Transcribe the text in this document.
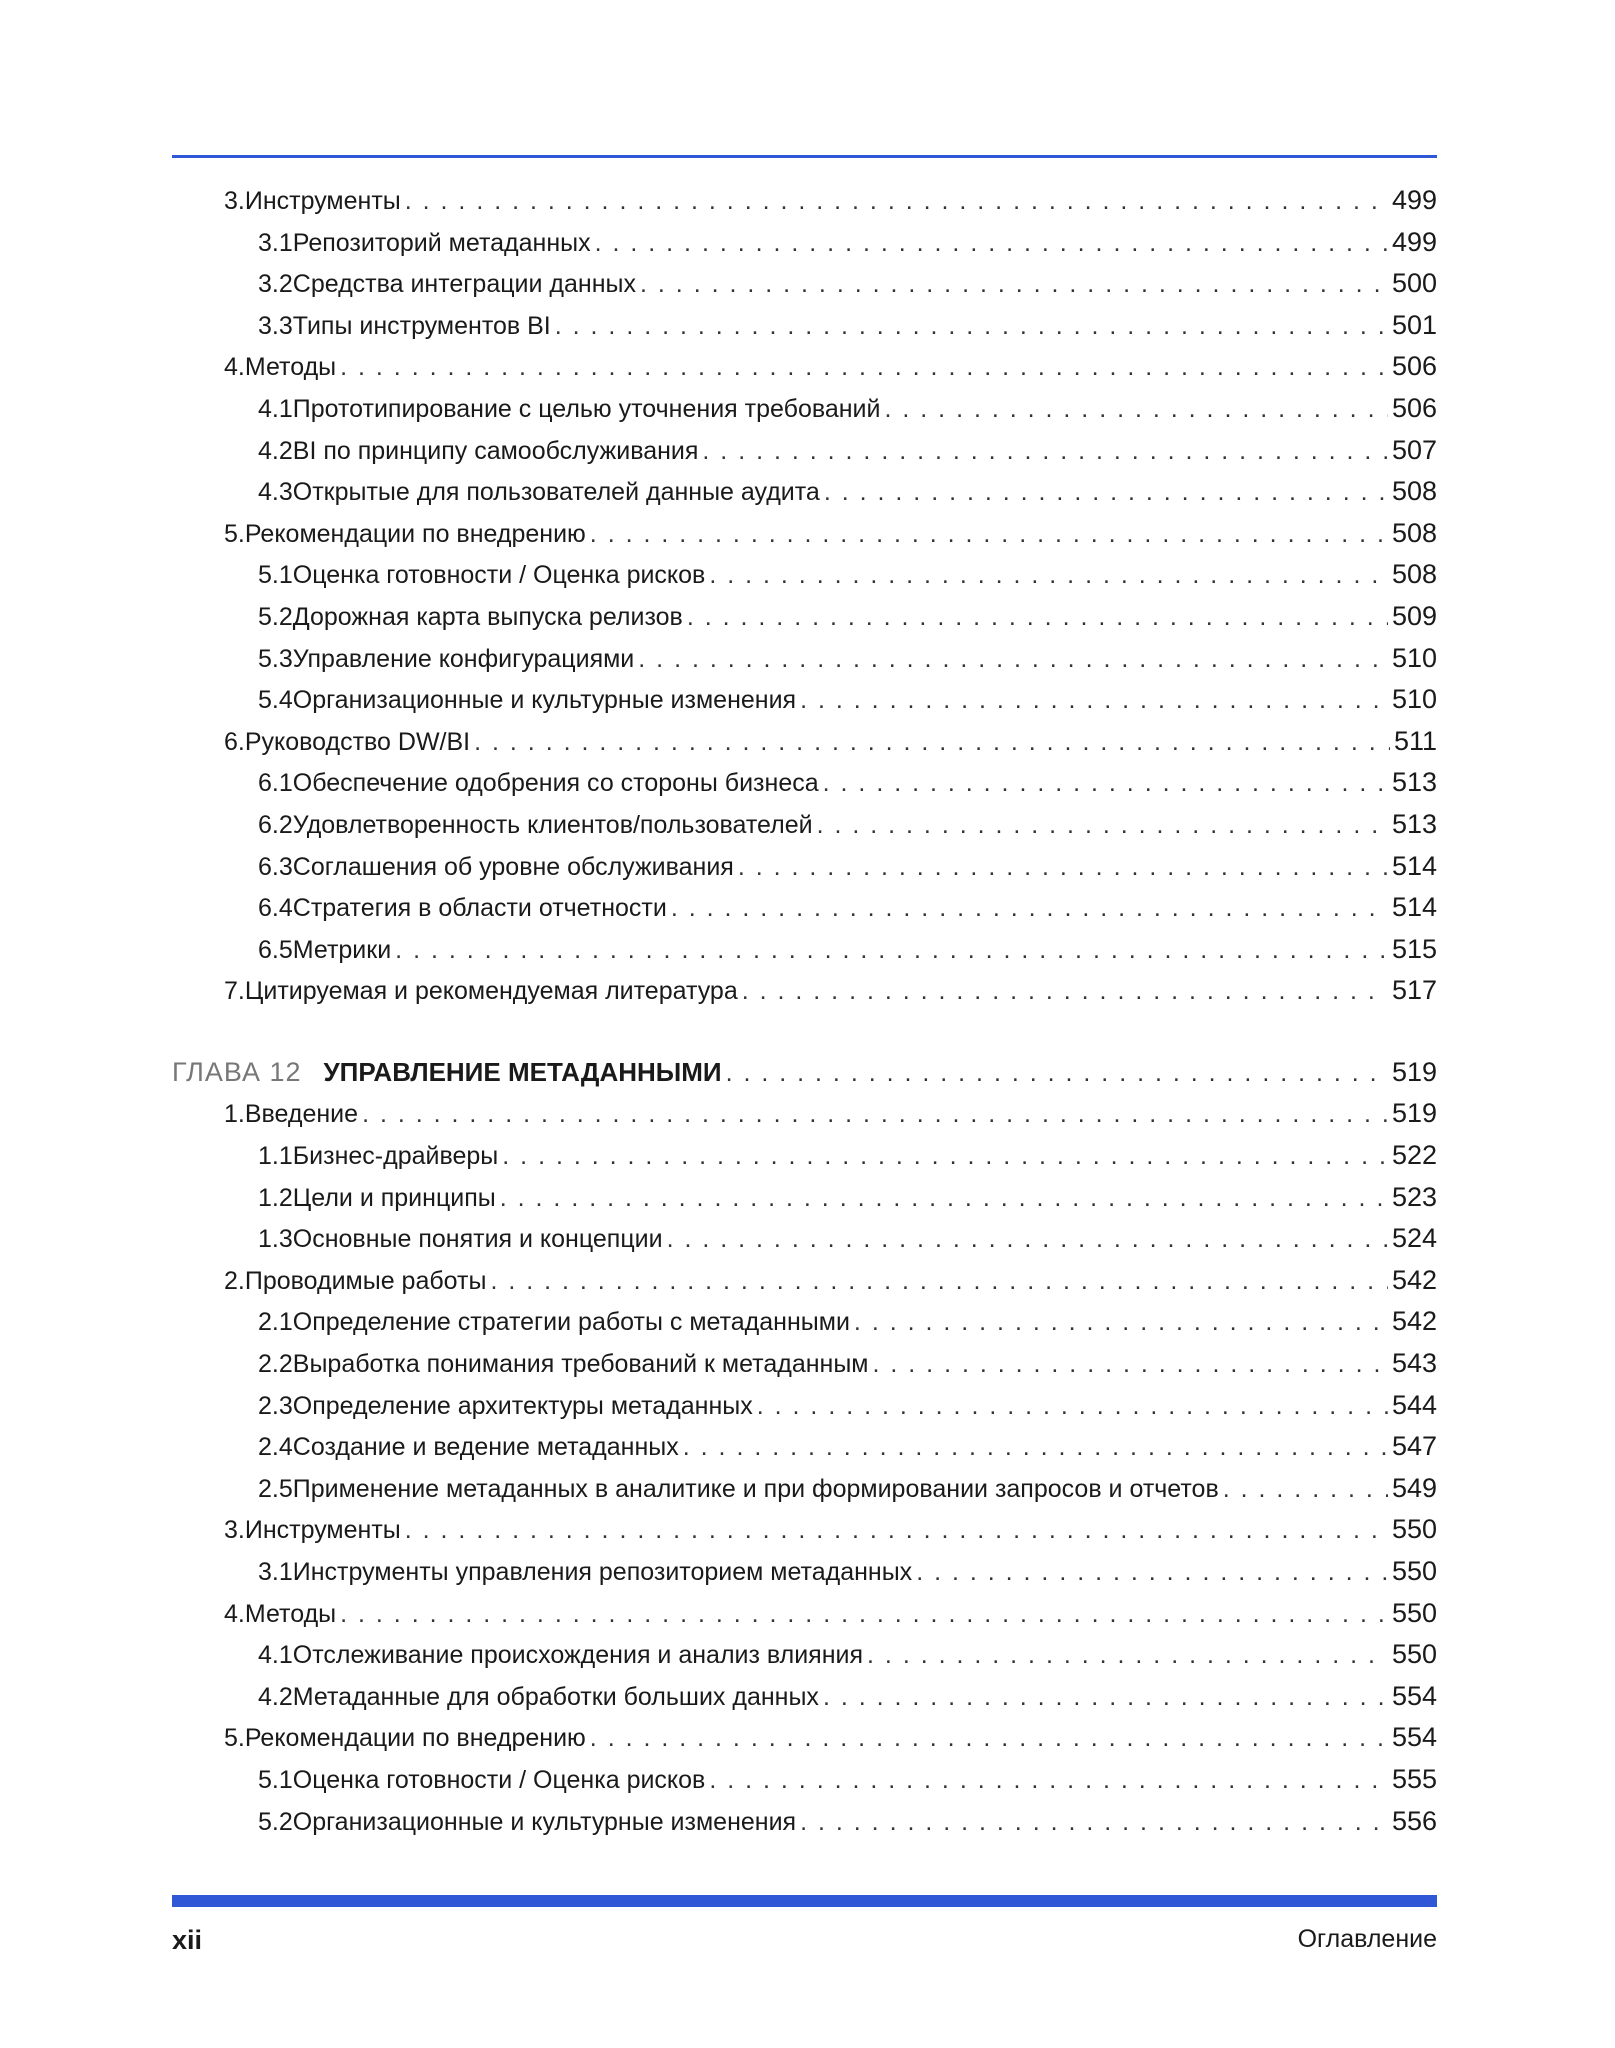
3. Инструменты . . .	499
3.1 Репозиторий метаданных . . .	499
3.2 Средства интеграции данных . . .	500
3.3 Типы инструментов BI . . .	501
4. Методы . . .	506
4.1 Прототипирование с целью уточнения требований . . .	506
4.2 BI по принципу самообслуживания . . .	507
4.3 Открытые для пользователей данные аудита . . .	508
5. Рекомендации по внедрению . . .	508
5.1 Оценка готовности / Оценка рисков . . .	508
5.2 Дорожная карта выпуска релизов . . .	509
5.3 Управление конфигурациями . . .	510
5.4 Организационные и культурные изменения . . .	510
6. Руководство DW/BI . . .	511
6.1 Обеспечение одобрения со стороны бизнеса . . .	513
6.2 Удовлетворенность клиентов/пользователей . . .	513
6.3 Соглашения об уровне обслуживания . . .	514
6.4 Стратегия в области отчетности . . .	514
6.5 Метрики . . .	515
7. Цитируемая и рекомендуемая литература . . .	517
ГЛАВА 12 УПРАВЛЕНИЕ МЕТАДАННЫМИ . . .	519
1. Введение . . .	519
1.1 Бизнес-драйверы . . .	522
1.2 Цели и принципы . . .	523
1.3 Основные понятия и концепции . . .	524
2. Проводимые работы . . .	542
2.1 Определение стратегии работы с метаданными . . .	542
2.2 Выработка понимания требований к метаданным . . .	543
2.3 Определение архитектуры метаданных . . .	544
2.4 Создание и ведение метаданных . . .	547
2.5 Применение метаданных в аналитике и при формировании запросов и отчетов . . .	549
3. Инструменты . . .	550
3.1 Инструменты управления репозиторием метаданных . . .	550
4. Методы . . .	550
4.1 Отслеживание происхождения и анализ влияния . . .	550
4.2 Метаданные для обработки больших данных . . .	554
5. Рекомендации по внедрению . . .	554
5.1 Оценка готовности / Оценка рисков . . .	555
5.2 Организационные и культурные изменения . . .	556
xii	Оглавление
